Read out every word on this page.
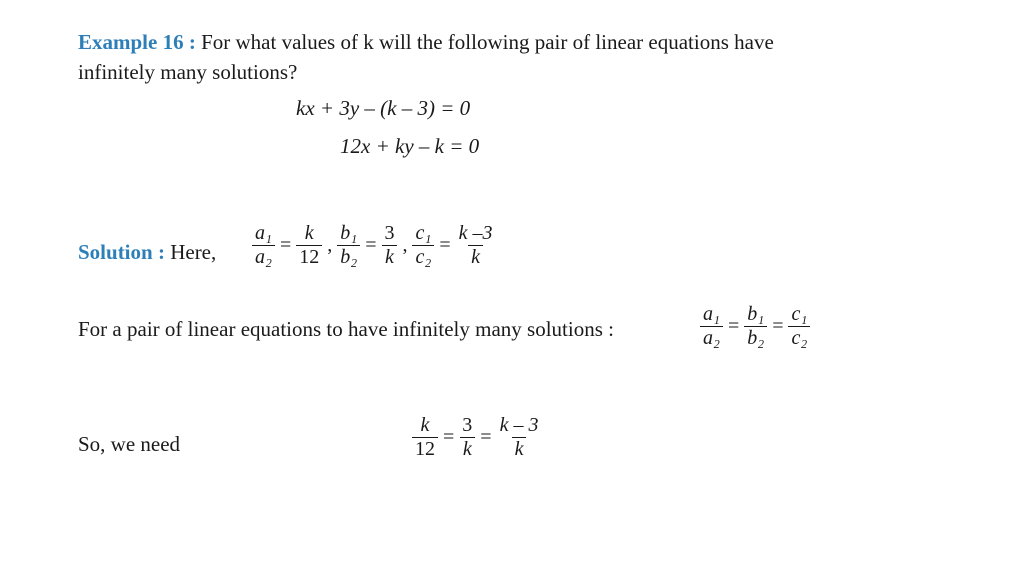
Example 16 : For what values of k will the following pair of linear equations have
infinitely many solutions?
kx + 3y – (k – 3) = 0
12x + ky – k = 0
Solution : Here, $\frac{\text{a₁}}{\text{a₂}} = \frac{k}{12}$ , $\frac{\text{b₁}}{\text{b₂}} = \frac{3}{k}$ , $\frac{\text{c₁}}{\text{c₂}} = \frac{k -3}{k}$
For a pair of linear equations to have infinitely many solutions :	$\frac{\text{a₁}}{\text{a₂}} = \frac{\text{b₁}}{\text{b₂}} = \frac{\text{c₁}}{\text{c₂}}$
So, we need	$\frac{k}{12} = \frac{3}{k} = \frac{k - 3}{k}$
